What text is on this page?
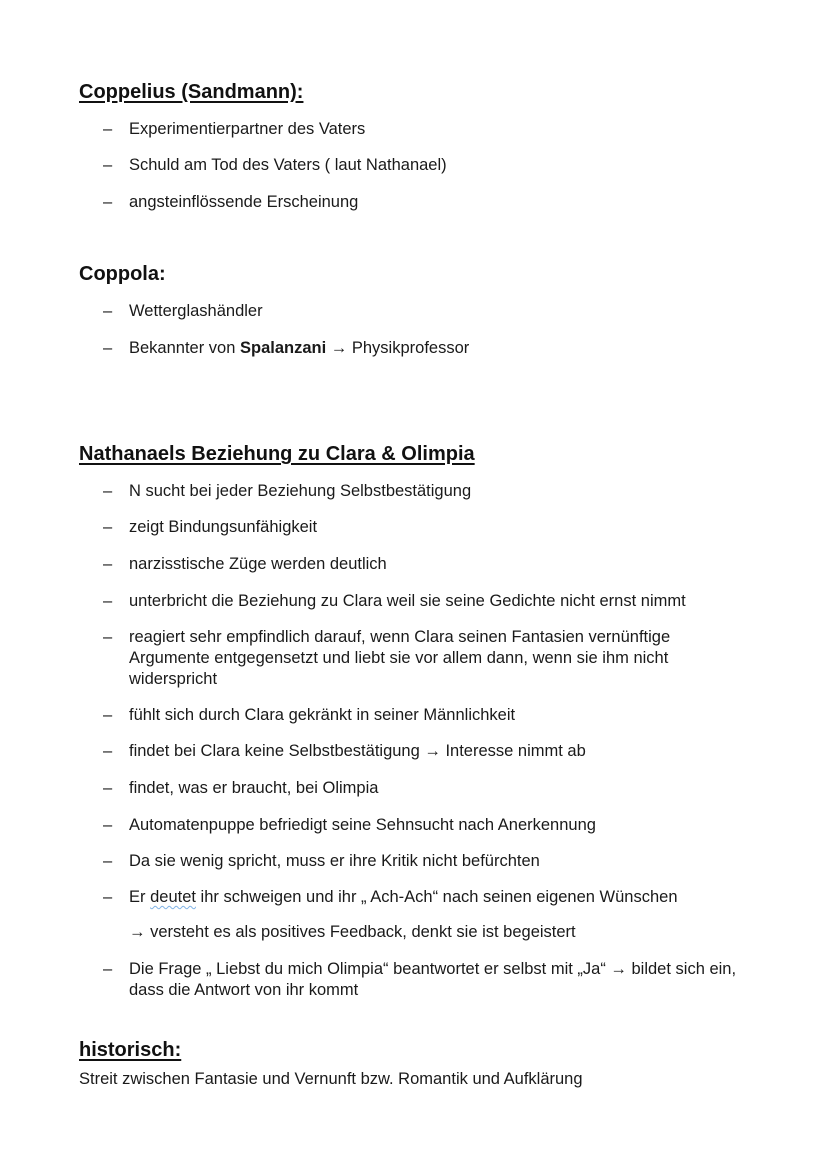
Coppelius (Sandmann):
– Experimentierpartner des Vaters
– Schuld am Tod des Vaters ( laut Nathanael)
– angsteinflössende Erscheinung
Coppola:
– Wetterglashändler
– Bekannter von Spalanzani → Physikprofessor
Nathanaels Beziehung zu Clara & Olimpia
– N sucht bei jeder Beziehung Selbstbestätigung
– zeigt Bindungsunfähigkeit
– narzisstische Züge werden deutlich
– unterbricht die Beziehung zu Clara weil sie seine Gedichte nicht ernst nimmt
– reagiert sehr empfindlich darauf, wenn Clara seinen Fantasien vernünftige Argumente entgegensetzt und liebt sie vor allem dann, wenn sie ihm nicht widerspricht
– fühlt sich durch Clara gekränkt in seiner Männlichkeit
– findet bei Clara keine Selbstbestätigung → Interesse nimmt ab
– findet, was er braucht, bei Olimpia
– Automatenpuppe befriedigt seine Sehnsucht nach Anerkennung
– Da sie wenig spricht, muss er ihre Kritik nicht befürchten
– Er deutet ihr schweigen und ihr „ Ach-Ach“ nach seinen eigenen Wünschen
→ versteht es als positives Feedback, denkt sie ist begeistert
– Die Frage „ Liebst du mich Olimpia“ beantwortet er selbst mit „Ja“ → bildet sich ein, dass die Antwort von ihr kommt
historisch:
Streit zwischen Fantasie und Vernunft bzw. Romantik und Aufklärung
